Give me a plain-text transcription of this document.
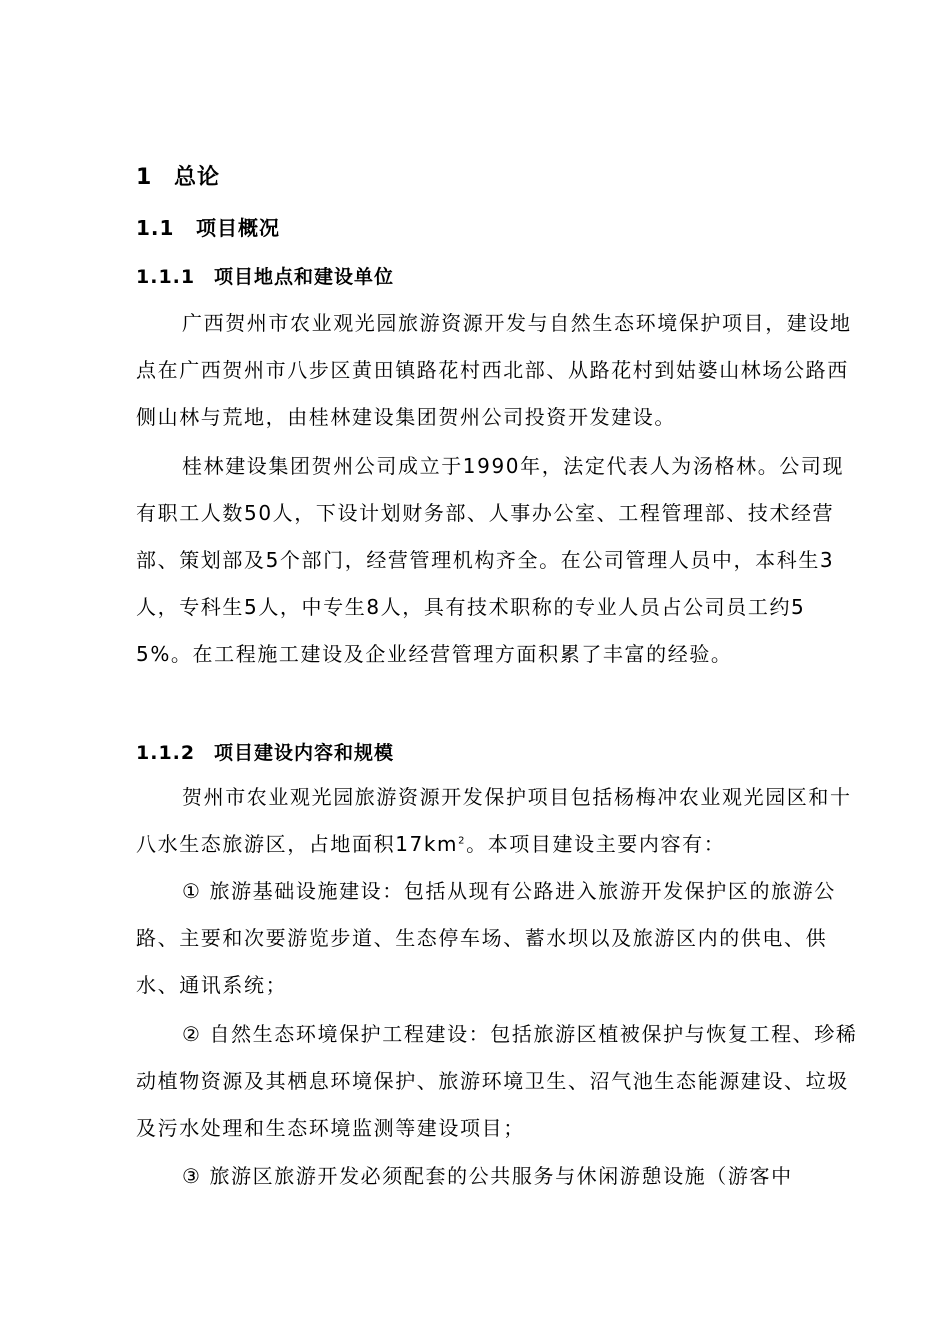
1 总论
1.1 项目概况
1.1.1 项目地点和建设单位

广西贺州市农业观光园旅游资源开发与自然生态环境保护项目，建设地点在广西贺州市八步区黄田镇路花村西北部、从路花村到姑婆山林场公路西侧山林与荒地，由桂林建设集团贺州公司投资开发建设。

桂林建设集团贺州公司成立于1990年，法定代表人为汤格林。公司现有职工人数50人，下设计划财务部、人事办公室、工程管理部、技术经营部、策划部及5个部门，经营管理机构齐全。在公司管理人员中，本科生3人，专科生5人，中专生8人，具有技术职称的专业人员占公司员工约55%。在工程施工建设及企业经营管理方面积累了丰富的经验。

1.1.2 项目建设内容和规模

贺州市农业观光园旅游资源开发保护项目包括杨梅冲农业观光园区和十八水生态旅游区，占地面积$17km^2$。本项目建设主要内容有：

① 旅游基础设施建设：包括从现有公路进入旅游开发保护区的旅游公路、主要和次要游览步道、生态停车场、蓄水坝以及旅游区内的供电、供水、通讯系统；

② 自然生态环境保护工程建设：包括旅游区植被保护与恢复工程、珍稀动植物资源及其栖息环境保护、旅游环境卫生、沼气池生态能源建设、垃圾及污水处理和生态环境监测等建设项目；

③ 旅游区旅游开发必须配套的公共服务与休闲游憩设施（游客中
